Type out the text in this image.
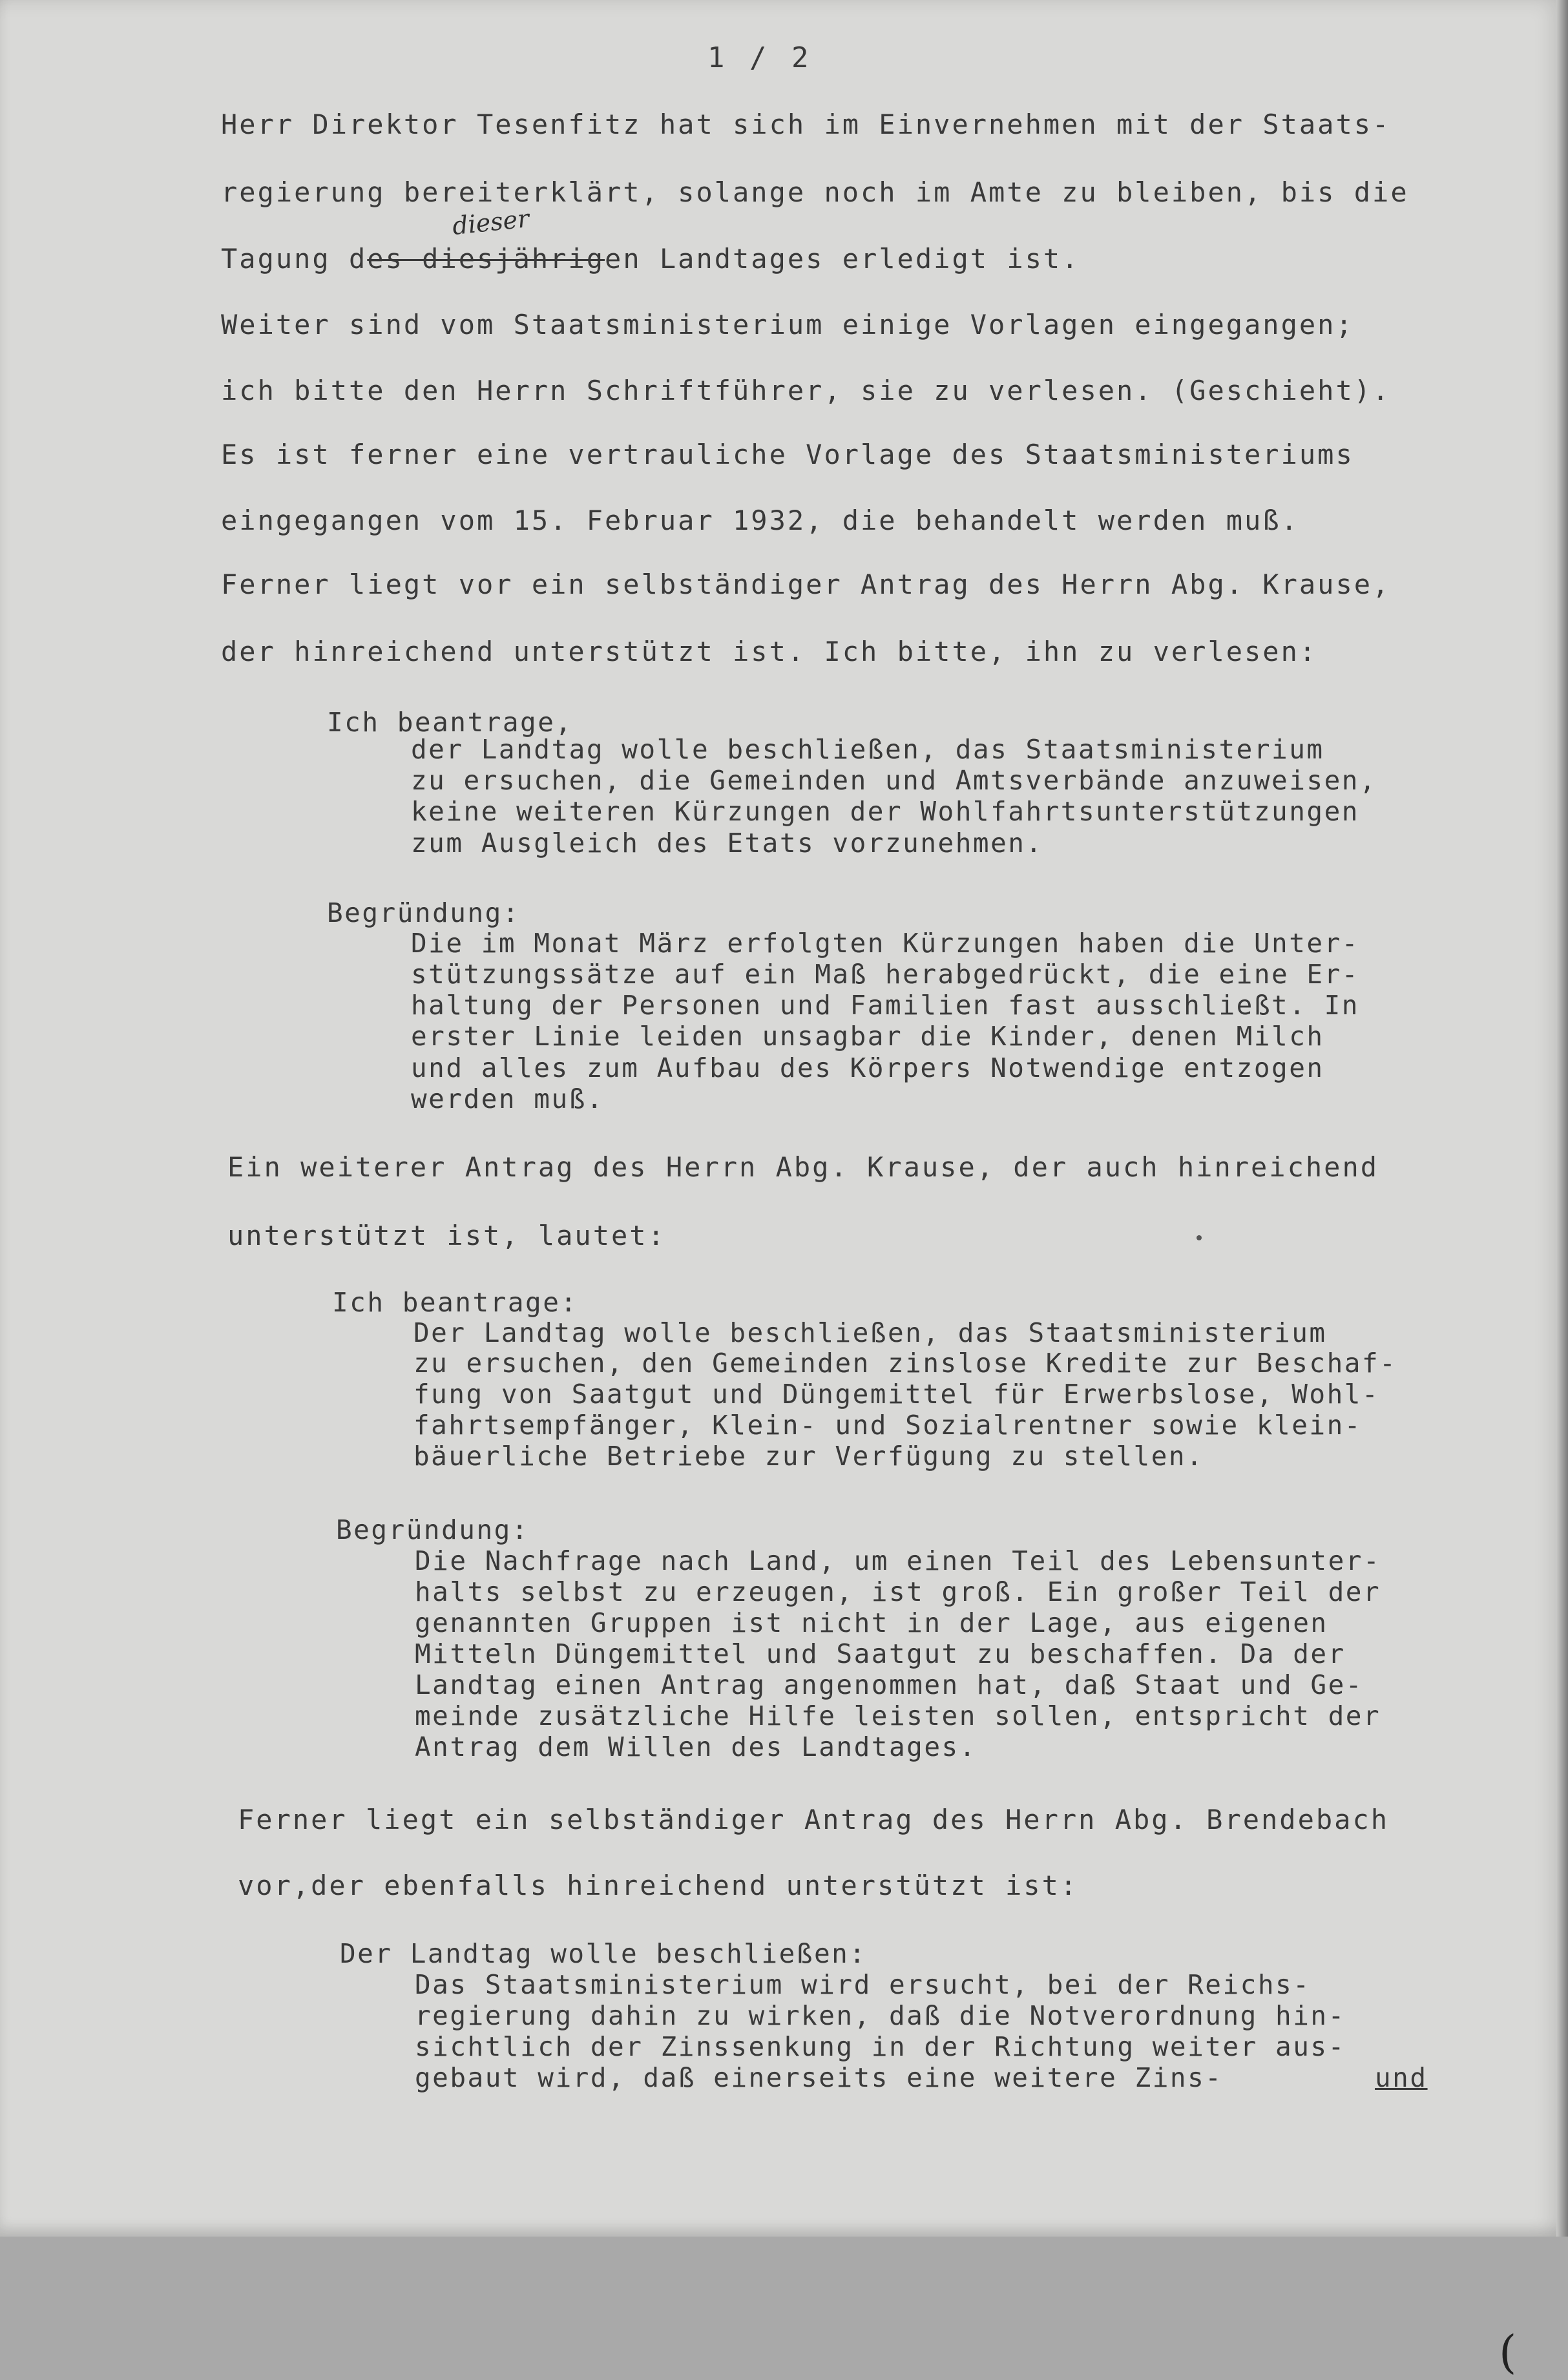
1 / 2
dieser
Herr Direktor Tesenfitz hat sich im Einvernehmen mit der Staats-
regierung bereiterklärt, solange noch im Amte zu bleiben, bis die
Tagung des diesjährigen Landtages erledigt ist.
Weiter sind vom Staatsministerium einige Vorlagen eingegangen;
ich bitte den Herrn Schriftführer, sie zu verlesen. (Geschieht).
Es ist ferner eine vertrauliche Vorlage des Staatsministeriums
eingegangen vom 15. Februar 1932, die behandelt werden muß.
Ferner liegt vor ein selbständiger Antrag des Herrn Abg. Krause,
der hinreichend unterstützt ist. Ich bitte, ihn zu verlesen:
Ich beantrage,
der Landtag wolle beschließen, das Staatsministerium
zu ersuchen, die Gemeinden und Amtsverbände anzuweisen,
keine weiteren Kürzungen der Wohlfahrtsunterstützungen
zum Ausgleich des Etats vorzunehmen.
Begründung:
Die im Monat März erfolgten Kürzungen haben die Unter-
stützungssätze auf ein Maß herabgedrückt, die eine Er-
haltung der Personen und Familien fast ausschließt. In
erster Linie leiden unsagbar die Kinder, denen Milch
und alles zum Aufbau des Körpers Notwendige entzogen
werden muß.
Ein weiterer Antrag des Herrn Abg. Krause, der auch hinreichend
unterstützt ist, lautet:
Ich beantrage:
Der Landtag wolle beschließen, das Staatsministerium
zu ersuchen, den Gemeinden zinslose Kredite zur Beschaf-
fung von Saatgut und Düngemittel für Erwerbslose, Wohl-
fahrtsempfänger, Klein- und Sozialrentner sowie klein-
bäuerliche Betriebe zur Verfügung zu stellen.
Begründung:
Die Nachfrage nach Land, um einen Teil des Lebensunter-
halts selbst zu erzeugen, ist groß. Ein großer Teil der
genannten Gruppen ist nicht in der Lage, aus eigenen
Mitteln Düngemittel und Saatgut zu beschaffen. Da der
Landtag einen Antrag angenommen hat, daß Staat und Ge-
meinde zusätzliche Hilfe leisten sollen, entspricht der
Antrag dem Willen des Landtages.
Ferner liegt ein selbständiger Antrag des Herrn Abg. Brendebach
vor,der ebenfalls hinreichend unterstützt ist:
Der Landtag wolle beschließen:
Das Staatsministerium wird ersucht, bei der Reichs-
regierung dahin zu wirken, daß die Notverordnung hin-
sichtlich der Zinssenkung in der Richtung weiter aus-
gebaut wird, daß einerseits eine weitere Zins-	und
(
